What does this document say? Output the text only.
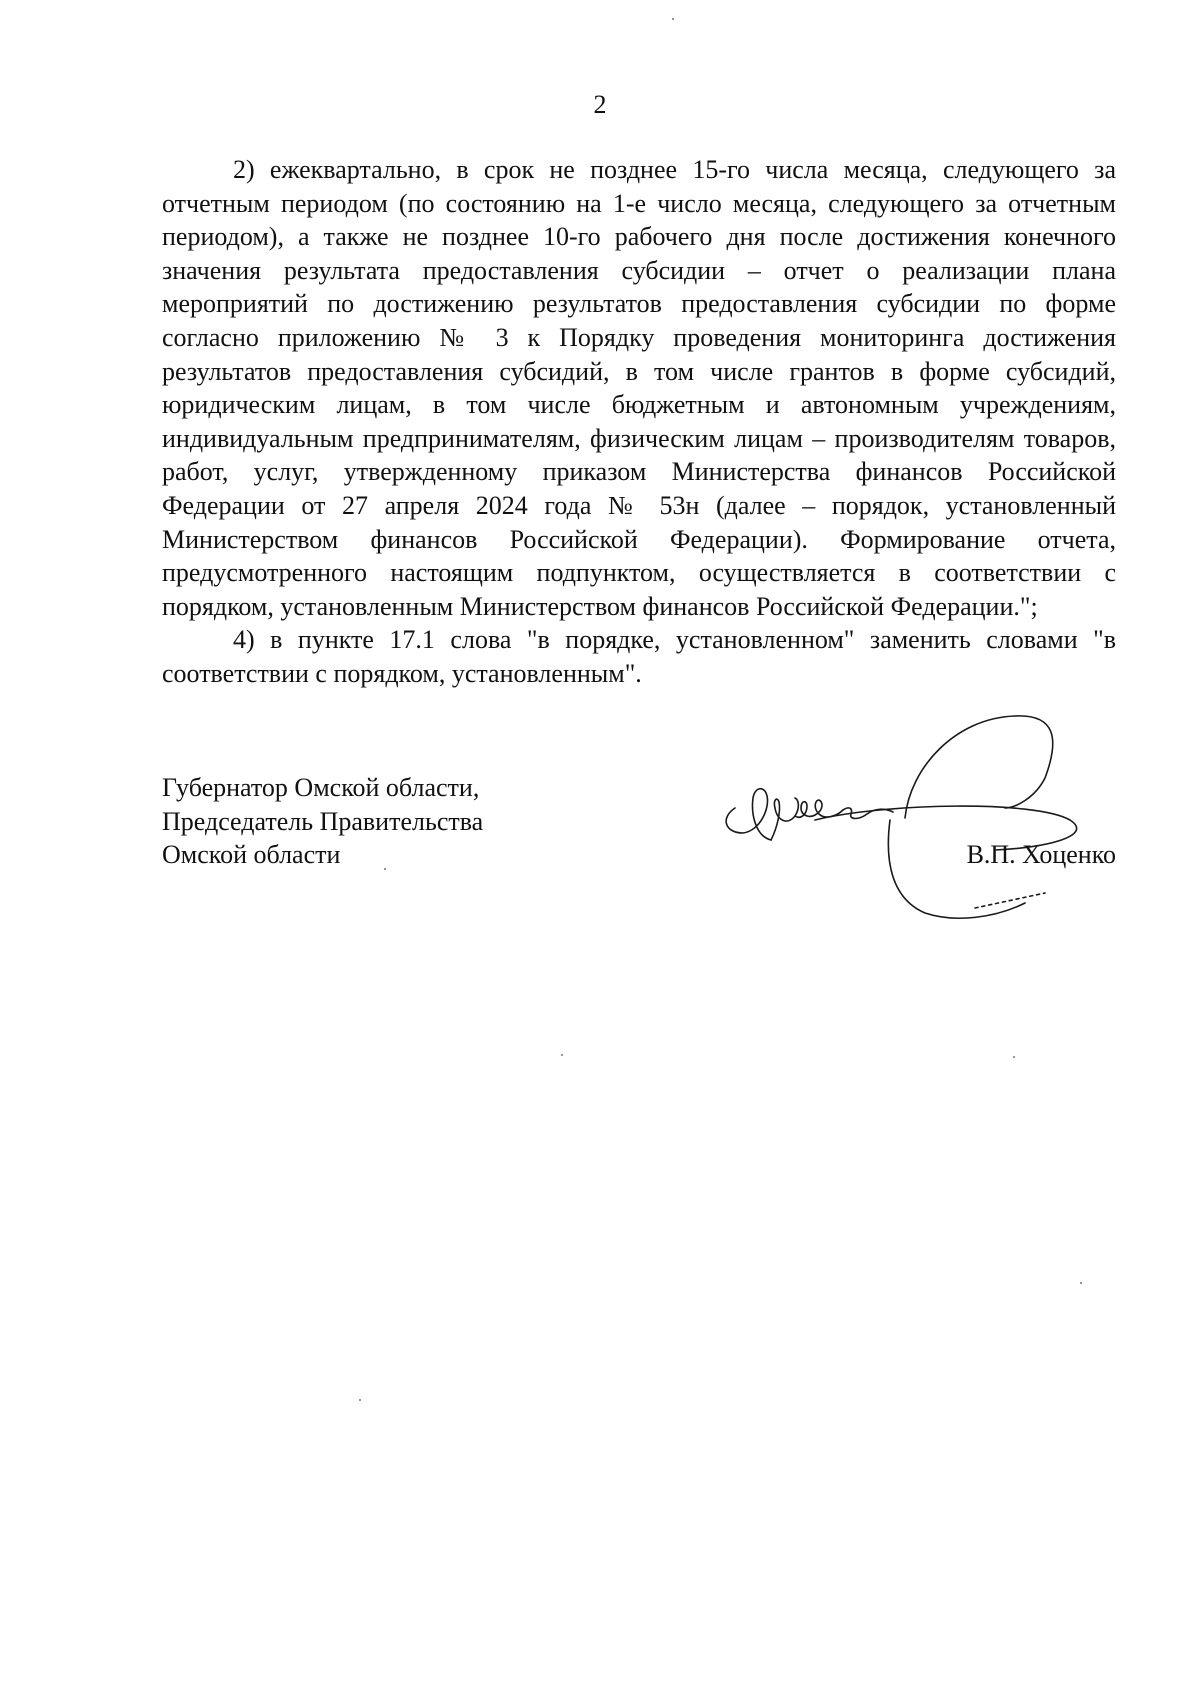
2

2) ежеквартально, в срок не позднее 15-го числа месяца, следующего за отчетным периодом (по состоянию на 1-е число месяца, следующего за отчетным периодом), а также не позднее 10-го рабочего дня после достижения конечного значения результата предоставления субсидии – отчет о реализации плана мероприятий по достижению результатов предоставления субсидии по форме согласно приложению № 3 к Порядку проведения мониторинга достижения результатов предоставления субсидий, в том числе грантов в форме субсидий, юридическим лицам, в том числе бюджетным и автономным учреждениям, индивидуальным предпринимателям, физическим лицам – производителям товаров, работ, услуг, утвержденному приказом Министерства финансов Российской Федерации от 27 апреля 2024 года № 53н (далее – порядок, установленный Министерством финансов Российской Федерации). Формирование отчета, предусмотренного настоящим подпунктом, осуществляется в соответствии с порядком, установленным Министерством финансов Российской Федерации.";

4) в пункте 17.1 слова "в порядке, установленном" заменить словами "в соответствии с порядком, установленным".

Губернатор Омской области,
Председатель Правительства
Омской области	В.П. Хоценко
